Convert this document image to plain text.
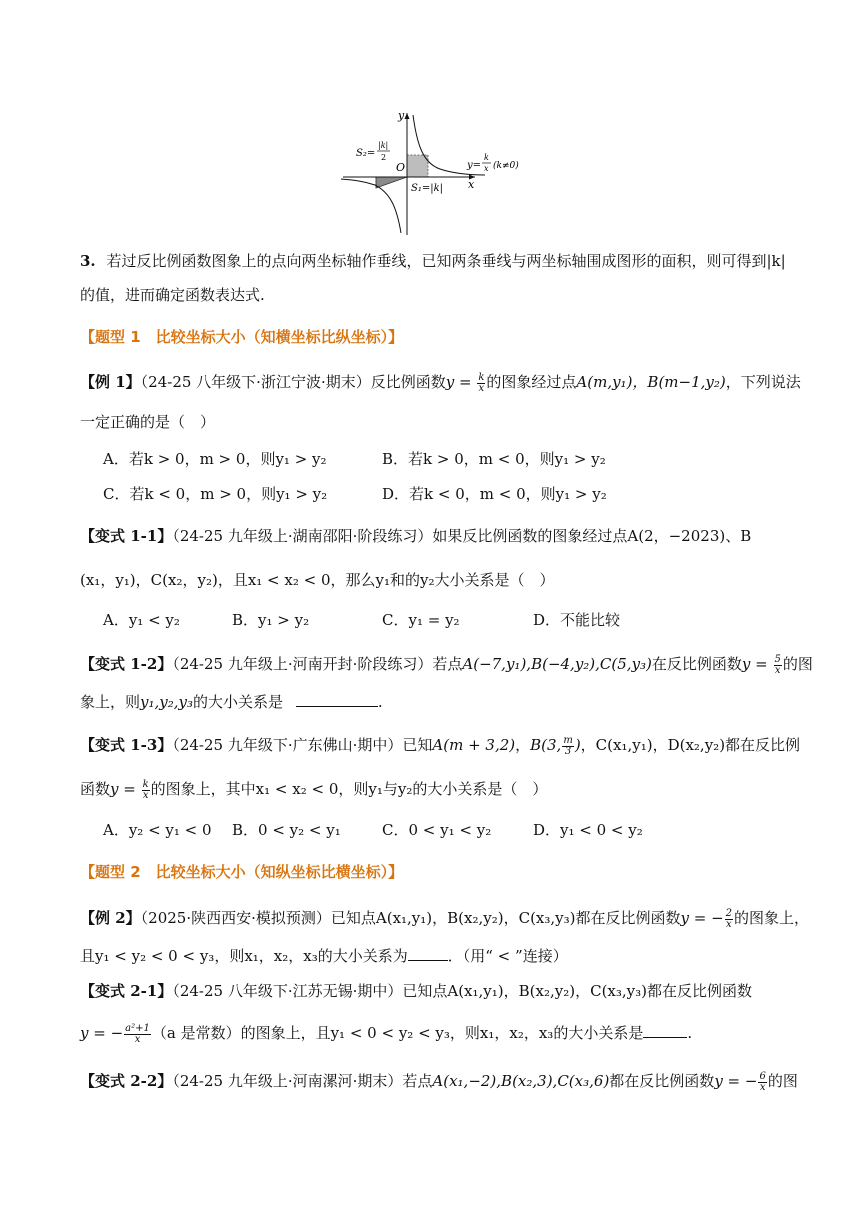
y
x
O
S₂=
|k|
2
S₁=|k|
y=
k
x (k≠0)
3. 若过反比例函数图象上的点向两坐标轴作垂线，已知两条垂线与两坐标轴围成图形的面积，则可得到|k|
的值，进而确定函数表达式.
【题型 1　比较坐标大小（知横坐标比纵坐标）】
【例 1】（24-25 八年级下·浙江宁波·期末）反比例函数$y = \frac{k}{x}$ 的图象经过点A(m,y₁)，B(m−1,y₂)，下列说法
一定正确的是（　）
A．若k > 0，m > 0，则y₁ > y₂	B．若k > 0，m < 0，则y₁ > y₂
C．若k < 0，m > 0，则y₁ > y₂	D．若k < 0，m < 0，则y₁ > y₂
【变式 1-1】（24-25 九年级上·湖南邵阳·阶段练习）如果反比例函数的图象经过点A(2，−2023)、B
(x₁，y₁)，C(x₂，y₂)，且x₁ < x₂ < 0，那么y₁和的y₂大小关系是（　）
A．y₁ < y₂	B．y₁ > y₂	C．y₁ = y₂	D．不能比较
【变式 1-2】（24-25 九年级上·河南开封·阶段练习）若点A(−7,y₁),B(−4,y₂),C(5,y₃)在反比例函数$y = \frac{5}{x}$ 的图
象上，则y₁,y₂,y₃的大小关系是	.
【变式 1-3】（24-25 九年级下·广东佛山·期中）已知A(m + 3,2)，B(3, $\frac{m}{3}$ )，C(x₁,y₁)，D(x₂,y₂)都在反比例
函数$y = \frac{k}{x}$ 的图象上，其中x₁ < x₂ < 0，则y₁与y₂的大小关系是（　）
A．y₂ < y₁ < 0 B．0 < y₂ < y₁	C．0 < y₁ < y₂	D．y₁ < 0 < y₂
【题型 2　比较坐标大小（知纵坐标比横坐标）】
【例 2】（2025·陕西西安·模拟预测）已知点A(x₁,y₁)，B(x₂,y₂)，C(x₃,y₃)都在反比例函数y = − $\frac{2}{x}$ 的图象上，
且y₁ < y₂ < 0 < y₃，则x₁，x₂，x₃的大小关系为	．（用“ < ”连接）
【变式 2-1】（24-25 八年级下·江苏无锡·期中）已知点A(x₁,y₁)，B(x₂,y₂)，C(x₃,y₃)都在反比例函数
y = − $\frac{\text{a²+1}}{x} (a$ 是常数）的图象上，且y₁ < 0 < y₂ < y₃，则x₁，x₂，x₃的大小关系是	.
【变式 2-2】（24-25 九年级上·河南漯河·期末）若点A(x₁,−2),B(x₂,3),C(x₃,6)都在反比例函数y = − $\frac{6}{x}$ 的图
